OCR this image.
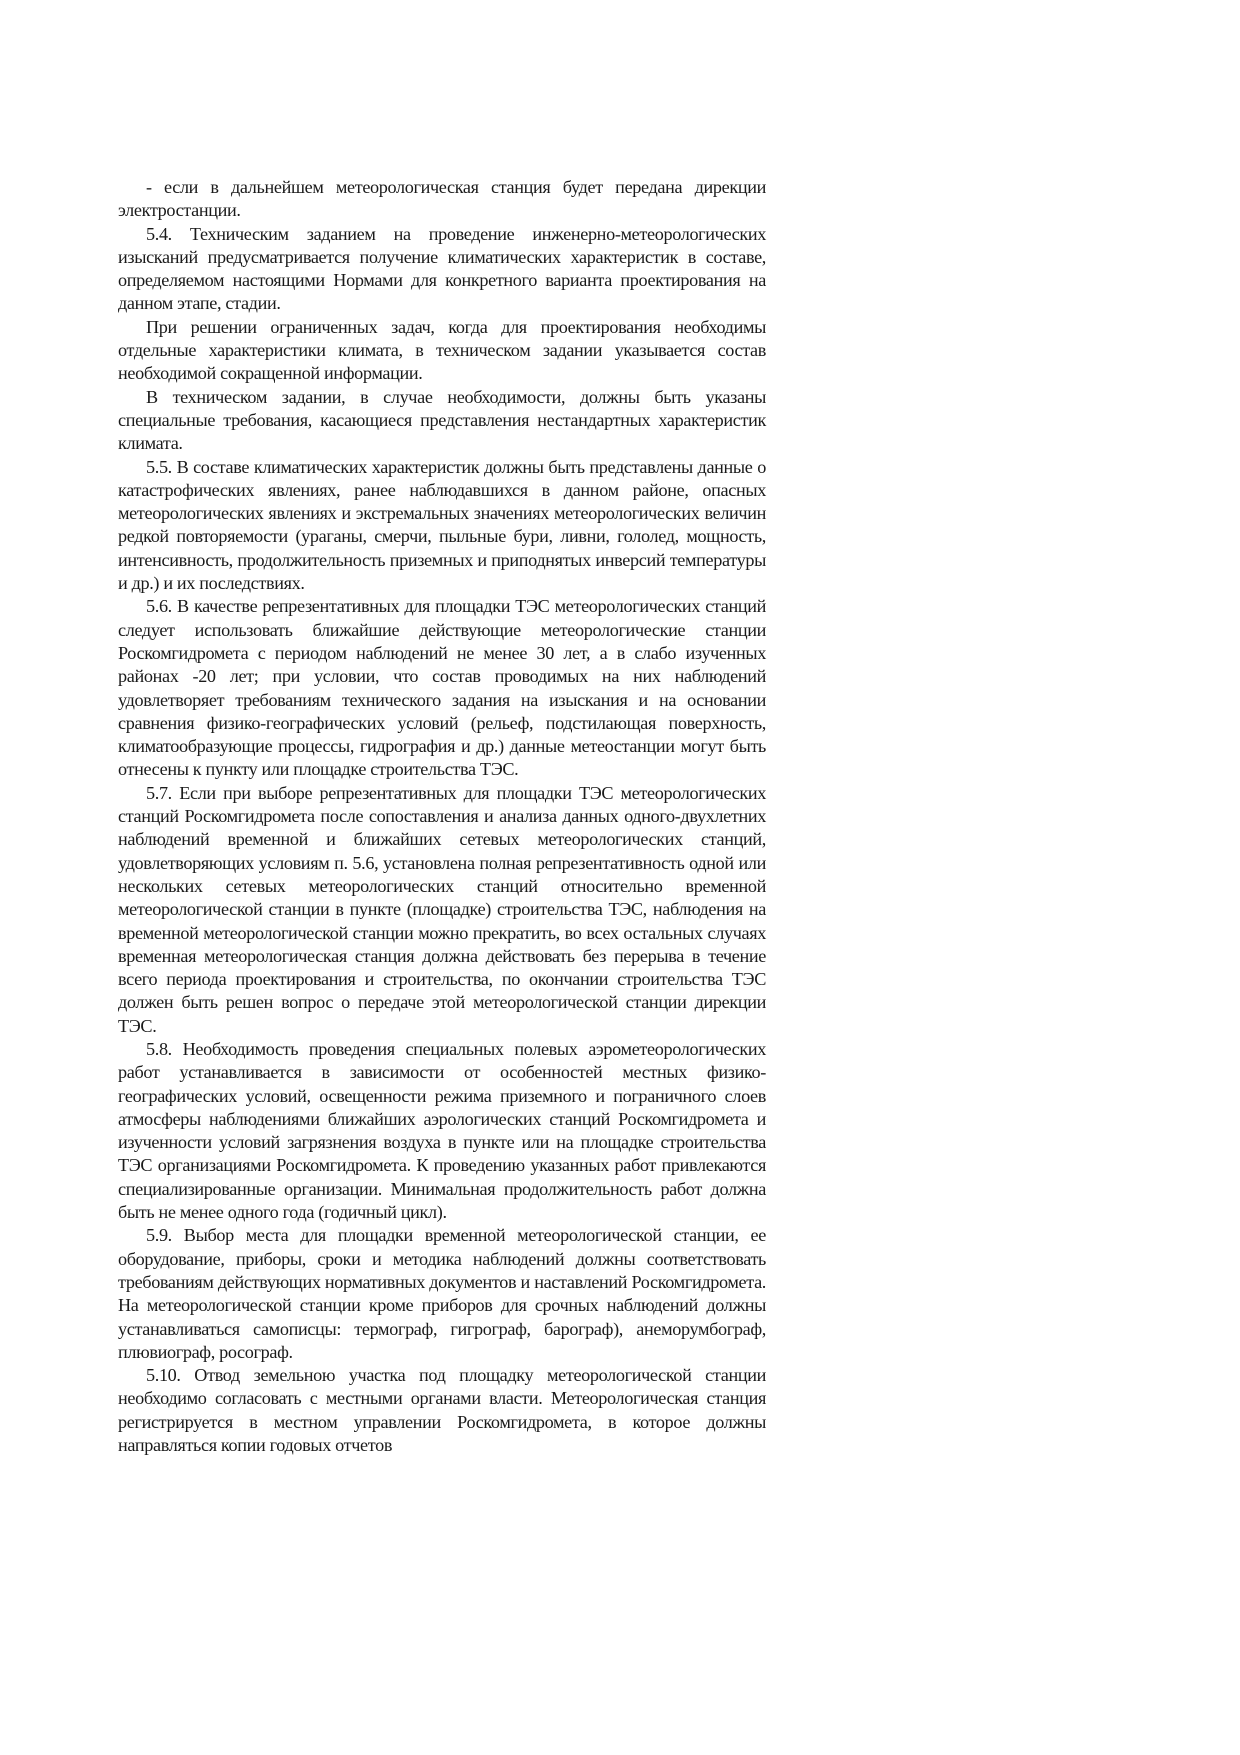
- если в дальнейшем метеорологическая станция будет передана дирекции электростанции.

5.4. Техническим заданием на проведение инженерно-метеорологических изысканий предусматривается получение климатических характеристик в составе, определяемом настоящими Нормами для конкретного варианта проектирования на данном этапе, стадии.

При решении ограниченных задач, когда для проектирования необходимы отдельные характеристики климата, в техническом задании указывается состав необходимой сокращенной информации.

В техническом задании, в случае необходимости, должны быть указаны специальные требования, касающиеся представления нестандартных характеристик климата.

5.5. В составе климатических характеристик должны быть представлены данные о катастрофических явлениях, ранее наблюдавшихся в данном районе, опасных метеорологических явлениях и экстремальных значениях метеорологических величин редкой повторяемости (ураганы, смерчи, пыльные бури, ливни, гололед, мощность, интенсивность, продолжительность приземных и приподнятых инверсий температуры и др.) и их последствиях.

5.6. В качестве репрезентативных для площадки ТЭС метеорологических станций следует использовать ближайшие действующие метеорологические станции Роскомгидромета с периодом наблюдений не менее 30 лет, а в слабо изученных районах -20 лет; при условии, что состав проводимых на них наблюдений удовлетворяет требованиям технического задания на изыскания и на основании сравнения физико-географических условий (рельеф, подстилающая поверхность, климатообразующие процессы, гидрография и др.) данные метеостанции могут быть отнесены к пункту или площадке строительства ТЭС.

5.7. Если при выборе репрезентативных для площадки ТЭС метеорологических станций Роскомгидромета после сопоставления и анализа данных одного-двухлетних наблюдений временной и ближайших сетевых метеорологических станций, удовлетворяющих условиям п. 5.6, установлена полная репрезентативность одной или нескольких сетевых метеорологических станций относительно временной метеорологической станции в пункте (площадке) строительства ТЭС, наблюдения на временной метеорологической станции можно прекратить, во всех остальных случаях временная метеорологическая станция должна действовать без перерыва в течение всего периода проектирования и строительства, по окончании строительства ТЭС должен быть решен вопрос о передаче этой метеорологической станции дирекции ТЭС.

5.8. Необходимость проведения специальных полевых аэрометеорологических работ устанавливается в зависимости от особенностей местных физико-географических условий, освещенности режима приземного и пограничного слоев атмосферы наблюдениями ближайших аэрологических станций Роскомгидромета и изученности условий загрязнения воздуха в пункте или на площадке строительства ТЭС организациями Роскомгидромета. К проведению указанных работ привлекаются специализированные организации. Минимальная продолжительность работ должна быть не менее одного года (годичный цикл).

5.9. Выбор места для площадки временной метеорологической станции, ее оборудование, приборы, сроки и методика наблюдений должны соответствовать требованиям действующих нормативных документов и наставлений Роскомгидромета. На метеорологической станции кроме приборов для срочных наблюдений должны устанавливаться самописцы: термограф, гигрограф, барограф), анеморумбограф, плювиограф, росограф.

5.10. Отвод земельною участка под площадку метеорологической станции необходимо согласовать с местными органами власти. Метеорологическая станция регистрируется в местном управлении Роскомгидромета, в которое должны направляться копии годовых отчетов
